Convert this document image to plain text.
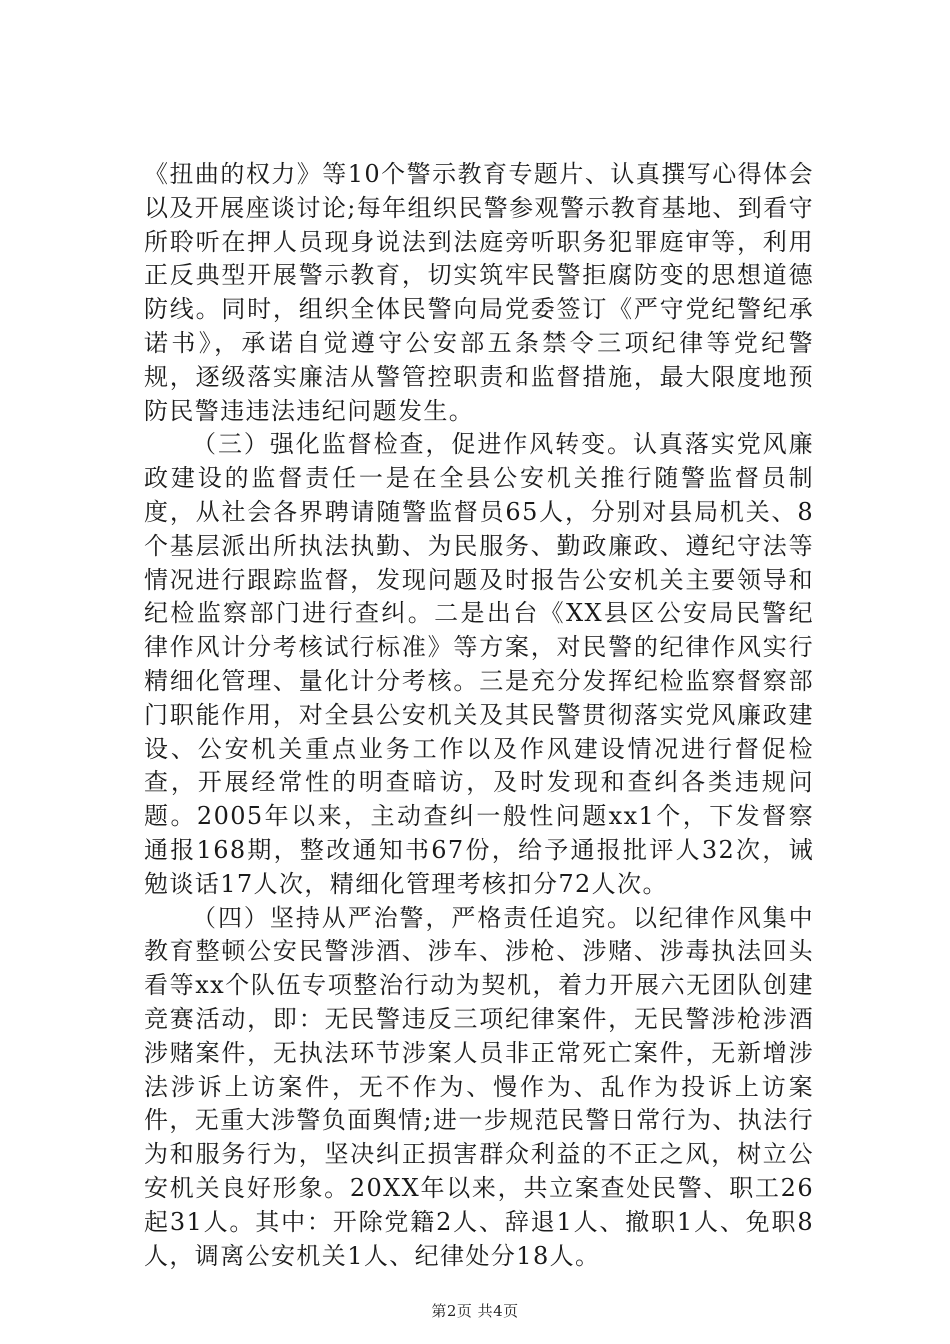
《扭曲的权力》等10个警示教育专题片、认真撰写心得体会以及开展座谈讨论;每年组织民警参观警示教育基地、到看守所聆听在押人员现身说法到法庭旁听职务犯罪庭审等，利用正反典型开展警示教育，切实筑牢民警拒腐防变的思想道德防线。同时，组织全体民警向局党委签订《严守党纪警纪承诺书》，承诺自觉遵守公安部五条禁令三项纪律等党纪警规，逐级落实廉洁从警管控职责和监督措施，最大限度地预防民警违违法违纪问题发生。

（三）强化监督检查，促进作风转变。认真落实党风廉政建设的监督责任一是在全县公安机关推行随警监督员制度，从社会各界聘请随警监督员65人，分别对县局机关、8个基层派出所执法执勤、为民服务、勤政廉政、遵纪守法等情况进行跟踪监督，发现问题及时报告公安机关主要领导和纪检监察部门进行查纠。二是出台《XX县区公安局民警纪律作风计分考核试行标准》等方案，对民警的纪律作风实行精细化管理、量化计分考核。三是充分发挥纪检监察督察部门职能作用，对全县公安机关及其民警贯彻落实党风廉政建设、公安机关重点业务工作以及作风建设情况进行督促检查，开展经常性的明查暗访，及时发现和查纠各类违规问题。2005年以来，主动查纠一般性问题xx1个，下发督察通报168期，整改通知书67份，给予通报批评人32次，诫勉谈话17人次，精细化管理考核扣分72人次。

（四）坚持从严治警，严格责任追究。以纪律作风集中教育整顿公安民警涉酒、涉车、涉枪、涉赌、涉毒执法回头看等xx个队伍专项整治行动为契机，着力开展六无团队创建竞赛活动，即：无民警违反三项纪律案件，无民警涉枪涉酒涉赌案件，无执法环节涉案人员非正常死亡案件，无新增涉法涉诉上访案件，无不作为、慢作为、乱作为投诉上访案件，无重大涉警负面舆情;进一步规范民警日常行为、执法行为和服务行为，坚决纠正损害群众利益的不正之风，树立公安机关良好形象。20XX年以来，共立案查处民警、职工26起31人。其中：开除党籍2人、辞退1人、撤职1人、免职8人，调离公安机关1人、纪律处分18人。

第2页 共4页
